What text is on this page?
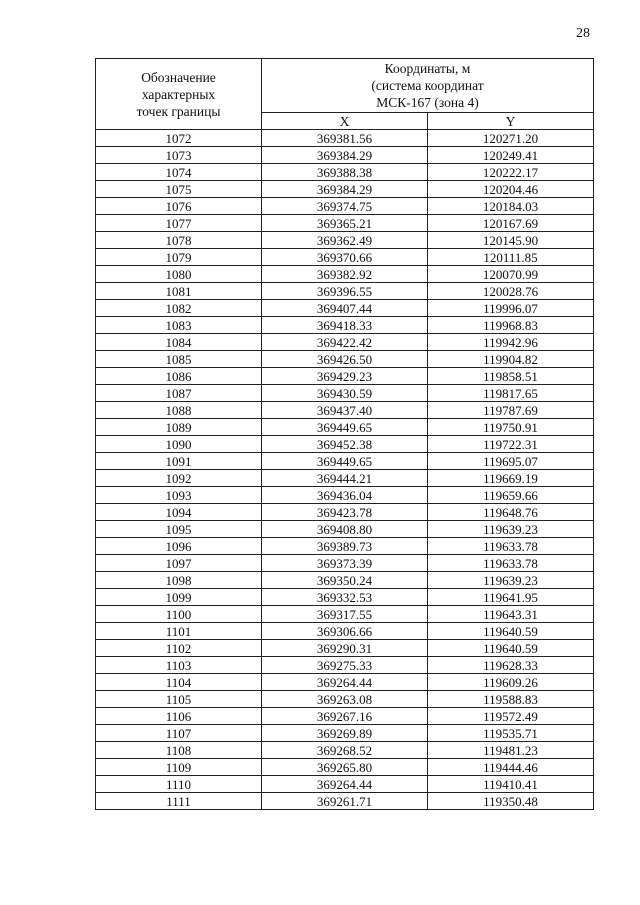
28
Обозначение
характерных
точек границы	Координаты, м
(система координат
МСК-167 (зона 4)	

	X	Y
1072	369381.56	120271.20
1073	369384.29	120249.41
1074	369388.38	120222.17
1075	369384.29	120204.46
1076	369374.75	120184.03
1077	369365.21	120167.69
1078	369362.49	120145.90
1079	369370.66	120111.85
1080	369382.92	120070.99
1081	369396.55	120028.76
1082	369407.44	119996.07
1083	369418.33	119968.83
1084	369422.42	119942.96
1085	369426.50	119904.82
1086	369429.23	119858.51
1087	369430.59	119817.65
1088	369437.40	119787.69
1089	369449.65	119750.91
1090	369452.38	119722.31
1091	369449.65	119695.07
1092	369444.21	119669.19
1093	369436.04	119659.66
1094	369423.78	119648.76
1095	369408.80	119639.23
1096	369389.73	119633.78
1097	369373.39	119633.78
1098	369350.24	119639.23
1099	369332.53	119641.95
1100	369317.55	119643.31
1101	369306.66	119640.59
1102	369290.31	119640.59
1103	369275.33	119628.33
1104	369264.44	119609.26
1105	369263.08	119588.83
1106	369267.16	119572.49
1107	369269.89	119535.71
1108	369268.52	119481.23
1109	369265.80	119444.46
1110	369264.44	119410.41
1111	369261.71	119350.48
